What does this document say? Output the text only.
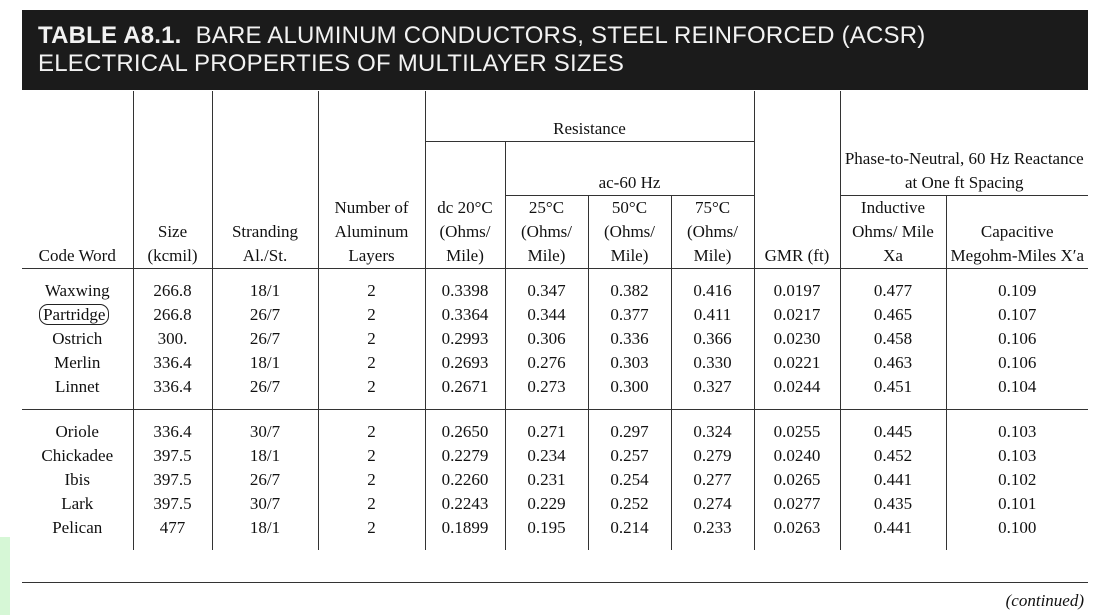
TABLE A8.1. BARE ALUMINUM CONDUCTORS, STEEL REINFORCED (ACSR)
ELECTRICAL PROPERTIES OF MULTILAYER SIZES
Code Word	Size (kcmil)	Stranding Al./St.	Number of Aluminum Layers	Resistance				GMR (ft)	Phase-to-Neutral, 60 Hz Reactance at One ft Spacing	
				dc 20°C (Ohms/ Mile)	ac-60 Hz					
					25°C (Ohms/ Mile)	50°C (Ohms/ Mile)	75°C (Ohms/ Mile)		Inductive Ohms/ Mile Xa	Capacitive Megohm-Miles X′a
Waxwing	266.8	18/1	2	0.3398	0.347	0.382	0.416	0.0197	0.477	0.109
Partridge	266.8	26/7	2	0.3364	0.344	0.377	0.411	0.0217	0.465	0.107
Ostrich	300.	26/7	2	0.2993	0.306	0.336	0.366	0.0230	0.458	0.106
Merlin	336.4	18/1	2	0.2693	0.276	0.303	0.330	0.0221	0.463	0.106
Linnet	336.4	26/7	2	0.2671	0.273	0.300	0.327	0.0244	0.451	0.104
Oriole	336.4	30/7	2	0.2650	0.271	0.297	0.324	0.0255	0.445	0.103
Chickadee	397.5	18/1	2	0.2279	0.234	0.257	0.279	0.0240	0.452	0.103
Ibis	397.5	26/7	2	0.2260	0.231	0.254	0.277	0.0265	0.441	0.102
Lark	397.5	30/7	2	0.2243	0.229	0.252	0.274	0.0277	0.435	0.101
Pelican	477	18/1	2	0.1899	0.195	0.214	0.233	0.0263	0.441	0.100
(continued)
